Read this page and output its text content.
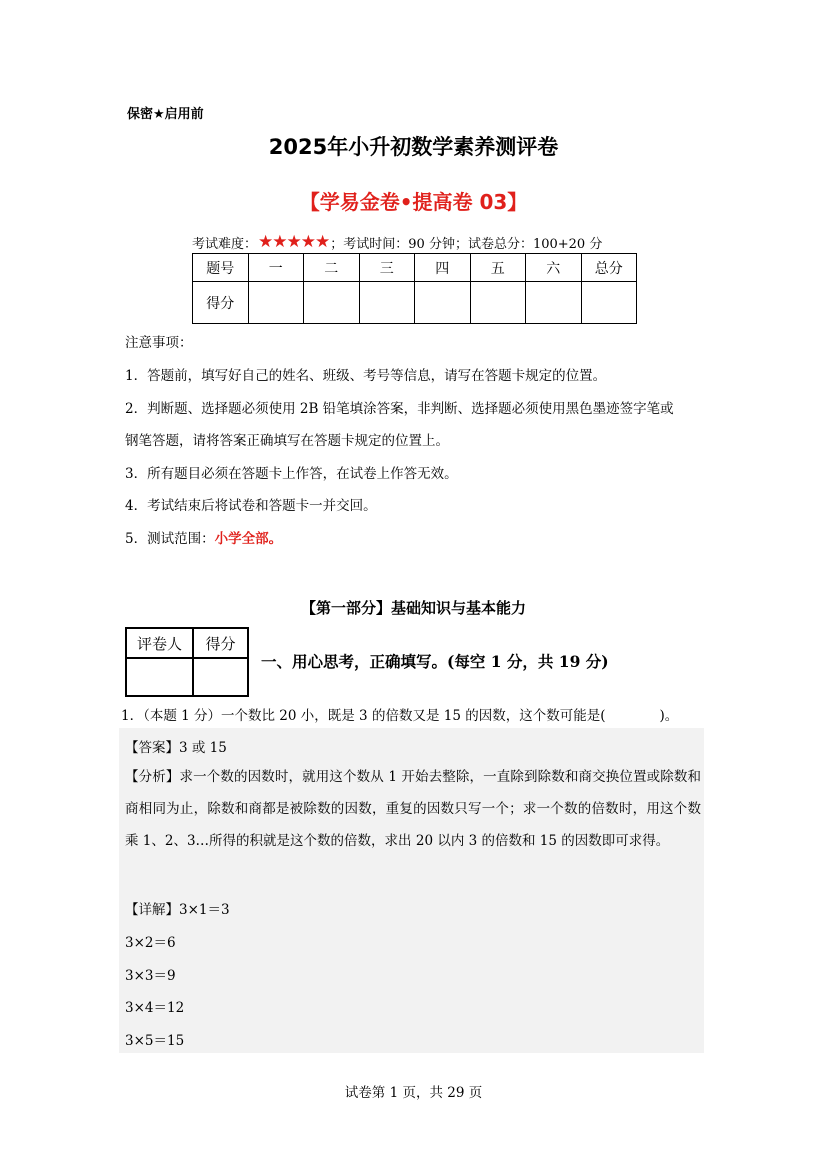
保密★启用前
2025年小升初数学素养测评卷
【学易金卷•提高卷 03】
考试难度： ★★★★★ ；考试时间：90 分钟；试卷总分：100+20 分
题号	一	二	三	四	五	六	总分
得分							
注意事项：
1．答题前，填写好自己的姓名、班级、考号等信息，请写在答题卡规定的位置。
2．判断题、选择题必须使用 2B 铅笔填涂答案，非判断、选择题必须使用黑色墨迹签字笔或
钢笔答题，请将答案正确填写在答题卡规定的位置上。
3．所有题目必须在答题卡上作答，在试卷上作答无效。
4．考试结束后将试卷和答题卡一并交回。
5．测试范围：小学全部。
【第一部分】基础知识与基本能力
评卷人	得分

一、用心思考，正确填写。(每空 1 分，共 19 分)
1．（本题 1 分）一个数比 20 小，既是 3 的倍数又是 15 的因数，这个数可能是(　　　　)。
【答案】3 或 15
【分析】求一个数的因数时，就用这个数从 1 开始去整除，一直除到除数和商交换位置或除数和商相同为止，除数和商都是被除数的因数，重复的因数只写一个；求一个数的倍数时，用这个数乘 1、2、3…所得的积就是这个数的倍数，求出 20 以内 3 的倍数和 15 的因数即可求得。
【详解】3×1＝3
3×2＝6
3×3＝9
3×4＝12
3×5＝15
试卷第 1 页，共 29 页
